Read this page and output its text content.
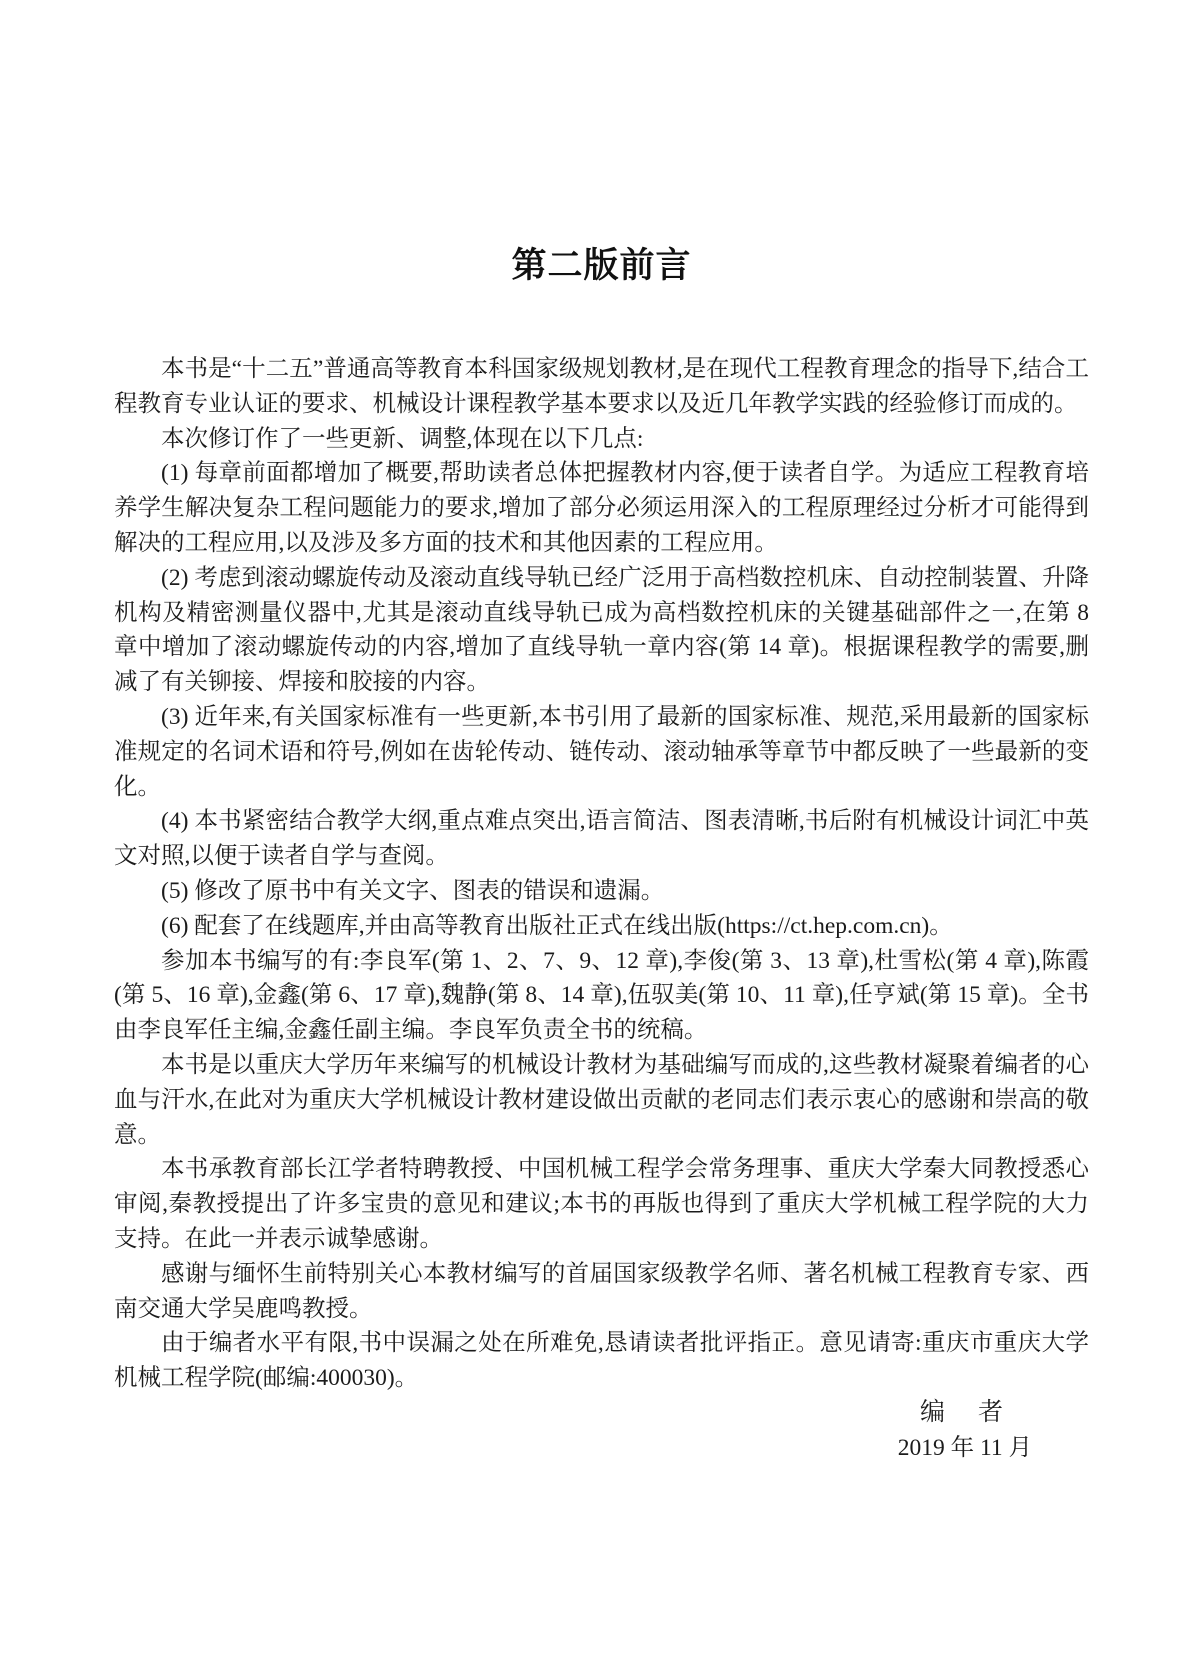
第二版前言

本书是“十二五”普通高等教育本科国家级规划教材,是在现代工程教育理念的指导下,结合工程教育专业认证的要求、机械设计课程教学基本要求以及近几年教学实践的经验修订而成的。

本次修订作了一些更新、调整,体现在以下几点:

(1) 每章前面都增加了概要,帮助读者总体把握教材内容,便于读者自学。为适应工程教育培养学生解决复杂工程问题能力的要求,增加了部分必须运用深入的工程原理经过分析才可能得到解决的工程应用,以及涉及多方面的技术和其他因素的工程应用。

(2) 考虑到滚动螺旋传动及滚动直线导轨已经广泛用于高档数控机床、自动控制装置、升降机构及精密测量仪器中,尤其是滚动直线导轨已成为高档数控机床的关键基础部件之一,在第 8 章中增加了滚动螺旋传动的内容,增加了直线导轨一章内容(第 14 章)。根据课程教学的需要,删减了有关铆接、焊接和胶接的内容。

(3) 近年来,有关国家标准有一些更新,本书引用了最新的国家标准、规范,采用最新的国家标准规定的名词术语和符号,例如在齿轮传动、链传动、滚动轴承等章节中都反映了一些最新的变化。

(4) 本书紧密结合教学大纲,重点难点突出,语言简洁、图表清晰,书后附有机械设计词汇中英文对照,以便于读者自学与查阅。

(5) 修改了原书中有关文字、图表的错误和遗漏。

(6) 配套了在线题库,并由高等教育出版社正式在线出版(https://ct.hep.com.cn)。

参加本书编写的有:李良军(第 1、2、7、9、12 章),李俊(第 3、13 章),杜雪松(第 4 章),陈霞(第 5、16 章),金鑫(第 6、17 章),魏静(第 8、14 章),伍驭美(第 10、11 章),任亨斌(第 15 章)。全书由李良军任主编,金鑫任副主编。李良军负责全书的统稿。

本书是以重庆大学历年来编写的机械设计教材为基础编写而成的,这些教材凝聚着编者的心血与汗水,在此对为重庆大学机械设计教材建设做出贡献的老同志们表示衷心的感谢和崇高的敬意。

本书承教育部长江学者特聘教授、中国机械工程学会常务理事、重庆大学秦大同教授悉心审阅,秦教授提出了许多宝贵的意见和建议;本书的再版也得到了重庆大学机械工程学院的大力支持。在此一并表示诚挚感谢。

感谢与缅怀生前特别关心本教材编写的首届国家级教学名师、著名机械工程教育专家、西南交通大学吴鹿鸣教授。

由于编者水平有限,书中误漏之处在所难免,恳请读者批评指正。意见请寄:重庆市重庆大学机械工程学院(邮编:400030)。

编　者
2019 年 11 月
